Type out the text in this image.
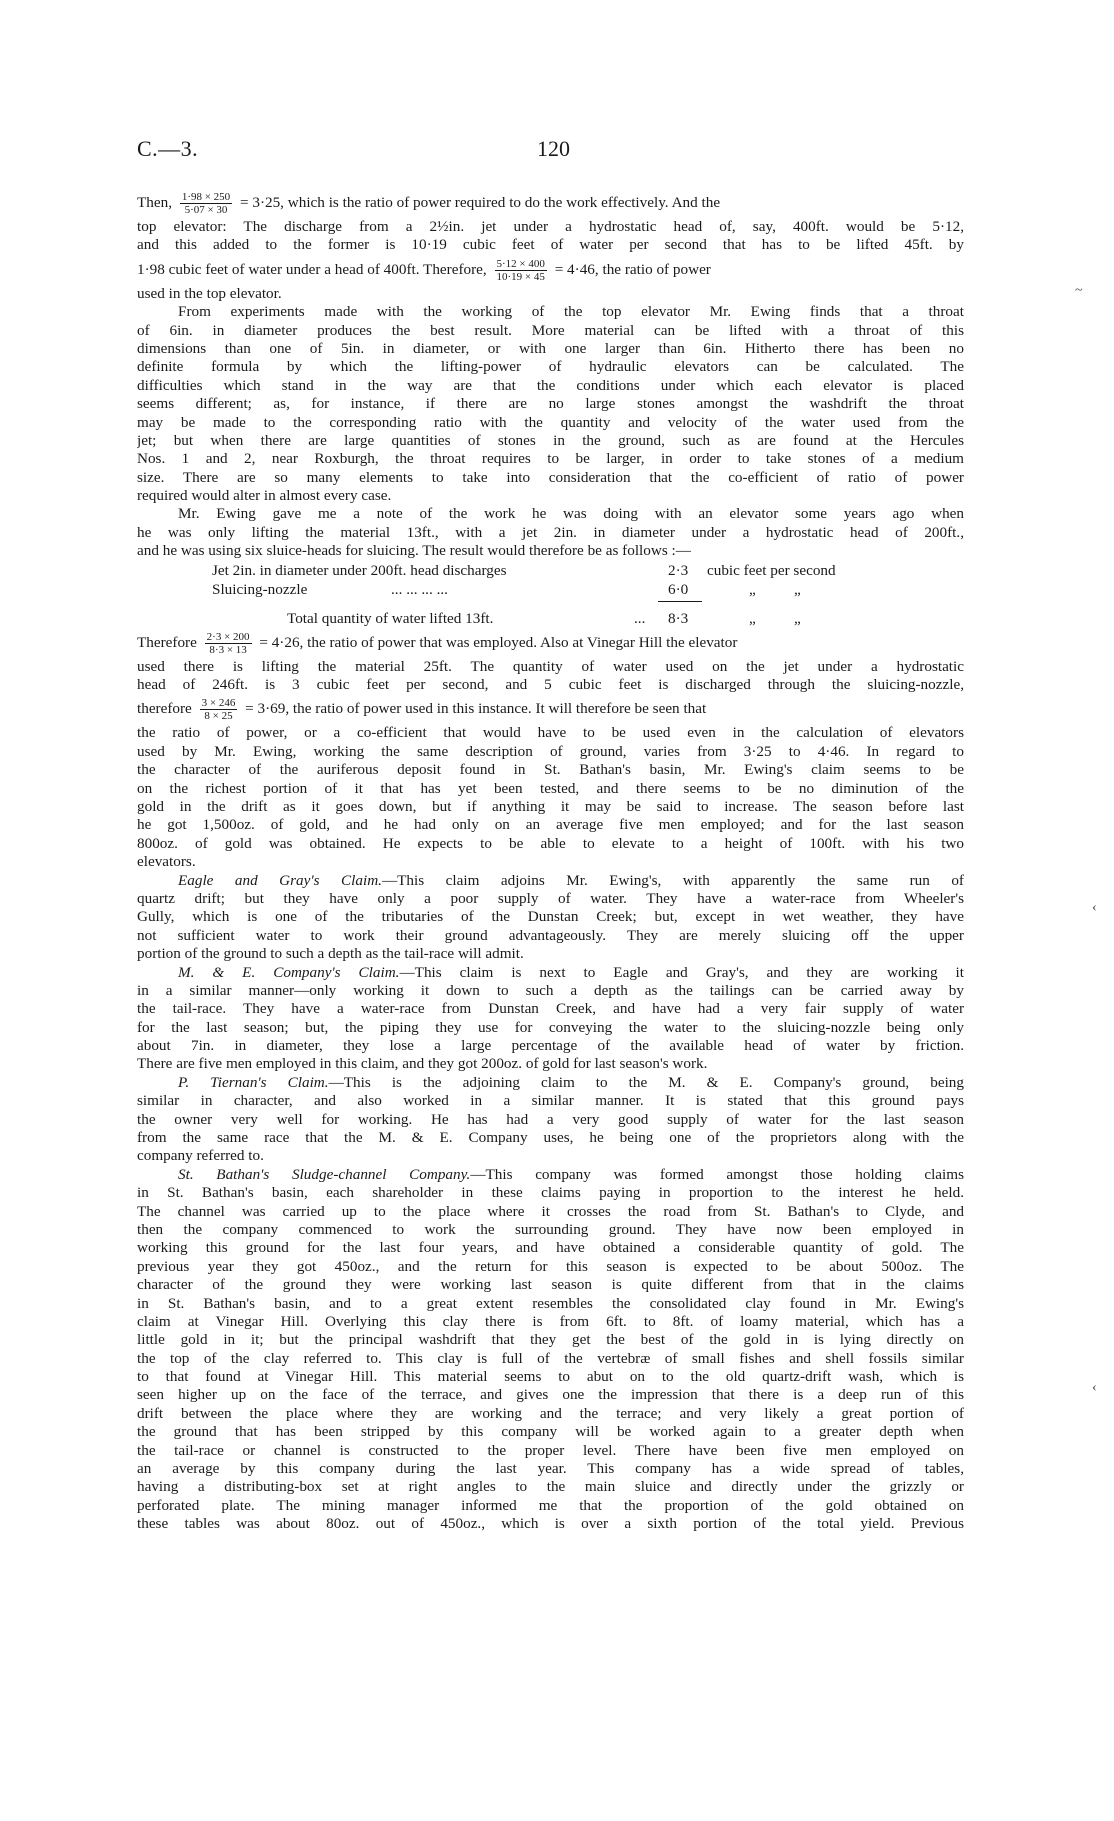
C.—3.	120
~
‹
‹
Then, $\frac{1\cdot 98 \times 250}{5\cdot 07 \times 30} = 3\cdot 25$, which is the ratio of power required to do the work effectively. And the
top elevator: The discharge from a 2½in. jet under a hydrostatic head of, say, 400ft. would be 5·12,
and this added to the former is 10·19 cubic feet of water per second that has to be lifted 45ft. by
1·98 cubic feet of water under a head of 400ft. Therefore, $\frac{5\cdot 12 \times 400}{10\cdot 19 \times 45} = 4\cdot 46$, the ratio of power
used in the top elevator.
From experiments made with the working of the top elevator Mr. Ewing finds that a throat
of 6in. in diameter produces the best result. More material can be lifted with a throat of this
dimensions than one of 5in. in diameter, or with one larger than 6in. Hitherto there has been no
definite formula by which the lifting-power of hydraulic elevators can be calculated. The
difficulties which stand in the way are that the conditions under which each elevator is placed
seems different; as, for instance, if there are no large stones amongst the washdrift the throat
may be made to the corresponding ratio with the quantity and velocity of the water used from the
jet; but when there are large quantities of stones in the ground, such as are found at the Hercules
Nos. 1 and 2, near Roxburgh, the throat requires to be larger, in order to take stones of a medium
size. There are so many elements to take into consideration that the co-efficient of ratio of power
required would alter in almost every case.
Mr. Ewing gave me a note of the work he was doing with an elevator some years ago when
he was only lifting the material 13ft., with a jet 2in. in diameter under a hydrostatic head of 200ft.,
and he was using six sluice-heads for sluicing. The result would therefore be as follows :—
Jet 2in. in diameter under 200ft. head discharges	2·3 cubic feet per second
Sluicing-nozzle	... ... ... ...	6·0	„	„
Total quantity of water lifted 13ft.	... 8·3	„	„
Therefore $\frac{2\cdot 3 \times 200}{8\cdot 3 \times 13} = 4\cdot 26$, the ratio of power that was employed. Also at Vinegar Hill the elevator
used there is lifting the material 25ft. The quantity of water used on the jet under a hydrostatic
head of 246ft. is 3 cubic feet per second, and 5 cubic feet is discharged through the sluicing-nozzle,
therefore $\frac{3 \times 246}{8 \times 25} = 3\cdot 69$, the ratio of power used in this instance. It will therefore be seen that
the ratio of power, or a co-efficient that would have to be used even in the calculation of elevators
used by Mr. Ewing, working the same description of ground, varies from 3·25 to 4·46. In regard to
the character of the auriferous deposit found in St. Bathan's basin, Mr. Ewing's claim seems to be
on the richest portion of it that has yet been tested, and there seems to be no diminution of the
gold in the drift as it goes down, but if anything it may be said to increase. The season before last
he got 1,500oz. of gold, and he had only on an average five men employed; and for the last season
800oz. of gold was obtained. He expects to be able to elevate to a height of 100ft. with his two
elevators.
Eagle and Gray's Claim.—This claim adjoins Mr. Ewing's, with apparently the same run of
quartz drift; but they have only a poor supply of water. They have a water-race from Wheeler's
Gully, which is one of the tributaries of the Dunstan Creek; but, except in wet weather, they have
not sufficient water to work their ground advantageously. They are merely sluicing off the upper
portion of the ground to such a depth as the tail-race will admit.
M. & E. Company's Claim.—This claim is next to Eagle and Gray's, and they are working it
in a similar manner—only working it down to such a depth as the tailings can be carried away by
the tail-race. They have a water-race from Dunstan Creek, and have had a very fair supply of water
for the last season; but, the piping they use for conveying the water to the sluicing-nozzle being only
about 7in. in diameter, they lose a large percentage of the available head of water by friction.
There are five men employed in this claim, and they got 200oz. of gold for last season's work.
P. Tiernan's Claim.—This is the adjoining claim to the M. & E. Company's ground, being
similar in character, and also worked in a similar manner. It is stated that this ground pays
the owner very well for working. He has had a very good supply of water for the last season
from the same race that the M. & E. Company uses, he being one of the proprietors along with the
company referred to.
St. Bathan's Sludge-channel Company.—This company was formed amongst those holding claims
in St. Bathan's basin, each shareholder in these claims paying in proportion to the interest he held.
The channel was carried up to the place where it crosses the road from St. Bathan's to Clyde, and
then the company commenced to work the surrounding ground. They have now been employed in
working this ground for the last four years, and have obtained a considerable quantity of gold. The
previous year they got 450oz., and the return for this season is expected to be about 500oz. The
character of the ground they were working last season is quite different from that in the claims
in St. Bathan's basin, and to a great extent resembles the consolidated clay found in Mr. Ewing's
claim at Vinegar Hill. Overlying this clay there is from 6ft. to 8ft. of loamy material, which has a
little gold in it; but the principal washdrift that they get the best of the gold in is lying directly on
the top of the clay referred to. This clay is full of the vertebræ of small fishes and shell fossils similar
to that found at Vinegar Hill. This material seems to abut on to the old quartz-drift wash, which is
seen higher up on the face of the terrace, and gives one the impression that there is a deep run of this
drift between the place where they are working and the terrace; and very likely a great portion of
the ground that has been stripped by this company will be worked again to a greater depth when
the tail-race or channel is constructed to the proper level. There have been five men employed on
an average by this company during the last year. This company has a wide spread of tables,
having a distributing-box set at right angles to the main sluice and directly under the grizzly or
perforated plate. The mining manager informed me that the proportion of the gold obtained on
these tables was about 80oz. out of 450oz., which is over a sixth portion of the total yield. Previous
